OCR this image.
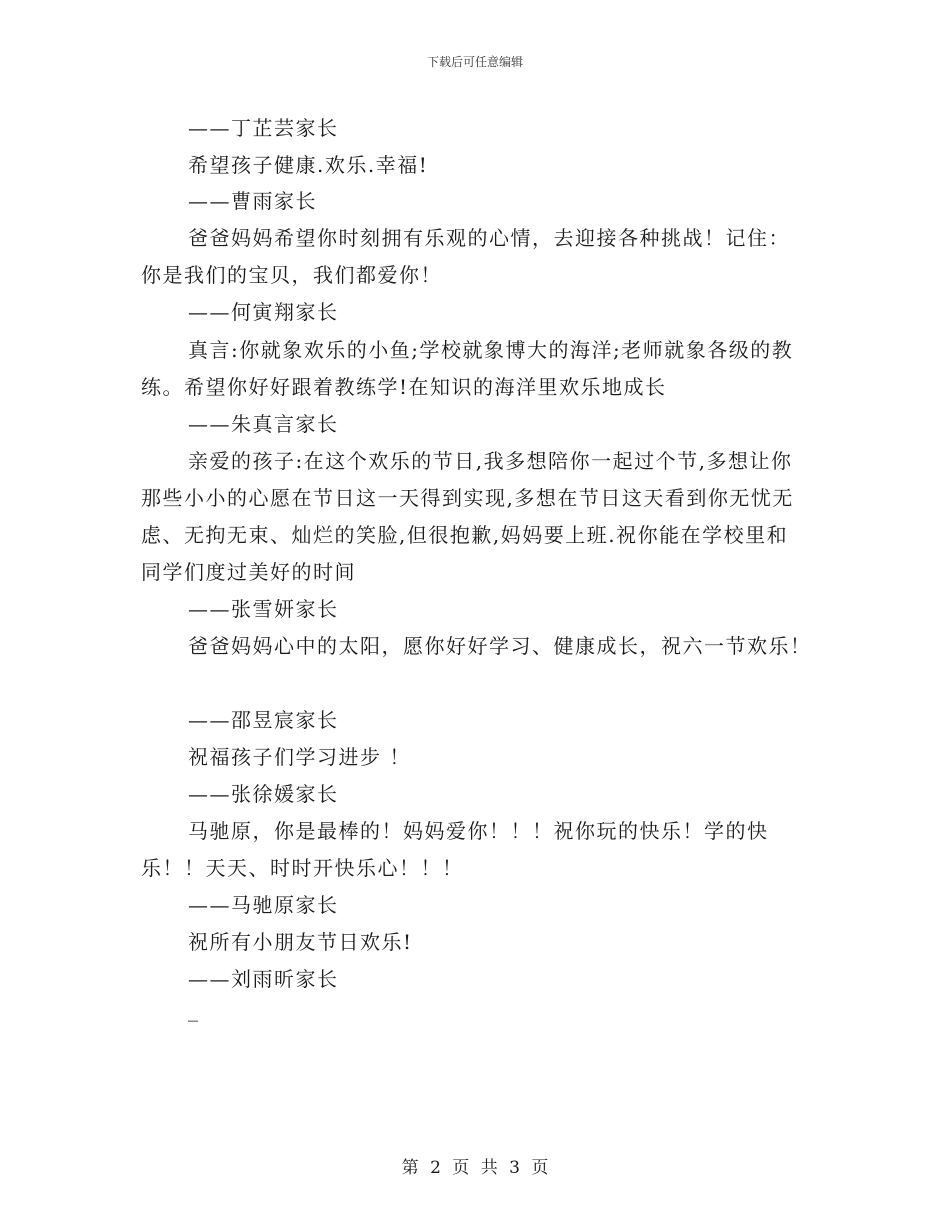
下载后可任意编辑
——丁芷芸家长
希望孩子健康.欢乐.幸福!
——曹雨家长
爸爸妈妈希望你时刻拥有乐观的心情，去迎接各种挑战！记住：
你是我们的宝贝，我们都爱你！
——何寅翔家长
真言:你就象欢乐的小鱼;学校就象博大的海洋;老师就象各级的教
练。希望你好好跟着教练学!在知识的海洋里欢乐地成长
——朱真言家长
亲爱的孩子:在这个欢乐的节日,我多想陪你一起过个节,多想让你
那些小小的心愿在节日这一天得到实现,多想在节日这天看到你无忧无
虑、无拘无束、灿烂的笑脸,但很抱歉,妈妈要上班.祝你能在学校里和
同学们度过美好的时间
——张雪妍家长
爸爸妈妈心中的太阳，愿你好好学习、健康成长，祝六一节欢乐！
——邵昱宸家长
祝福孩子们学习进步 ！
——张徐媛家长
马驰原，你是最棒的！妈妈爱你！！！祝你玩的快乐！学的快
乐！！天天、时时开快乐心！！！
——马驰原家长
祝所有小朋友节日欢乐!
——刘雨昕家长
_
第 2 页 共 3 页
